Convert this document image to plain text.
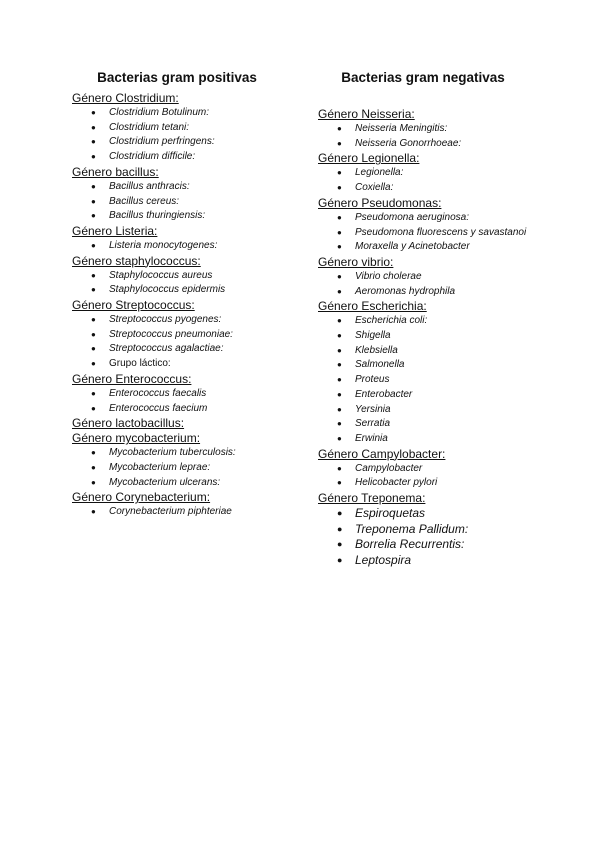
Bacterias gram positivas

Género Clostridium:

● Clostridium Botulinum:
● Clostridium tetani:
● Clostridium perfringens:
● Clostridium difficile:

Género bacillus:

● Bacillus anthracis:
● Bacillus cereus:
● Bacillus thuringiensis:

Género Listeria:

● Listeria monocytogenes:

Género staphylococcus:

● Staphylococcus aureus
● Staphylococcus epidermis

Género Streptococcus:

● Streptococcus pyogenes:
● Streptococcus pneumoniae:
● Streptococcus agalactiae:
● Grupo láctico:

Género Enterococcus:

● Enterococcus faecalis
● Enterococcus faecium

Género lactobacillus:

Género mycobacterium:

● Mycobacterium tuberculosis:
● Mycobacterium leprae:
● Mycobacterium ulcerans:

Género Corynebacterium:

● Corynebacterium piphteriae
Bacterias gram negativas

Género Neisseria:

● Neisseria Meningitis:
● Neisseria Gonorrhoeae:

Género Legionella:

● Legionella:
● Coxiella:

Género Pseudomonas:

● Pseudomona aeruginosa:
● Pseudomona fluorescens y savastanoi
● Moraxella y Acinetobacter

Género vibrio:

● Vibrio cholerae
● Aeromonas hydrophila

Género Escherichia:

● Escherichia coli:
● Shigella
● Klebsiella
● Salmonella
● Proteus
● Enterobacter
● Yersinia
● Serratia
● Erwinia

Género Campylobacter:

● Campylobacter
● Helicobacter pylori

Género Treponema:

● Espiroquetas
● Treponema Pallidum:
● Borrelia Recurrentis:
● Leptospira
